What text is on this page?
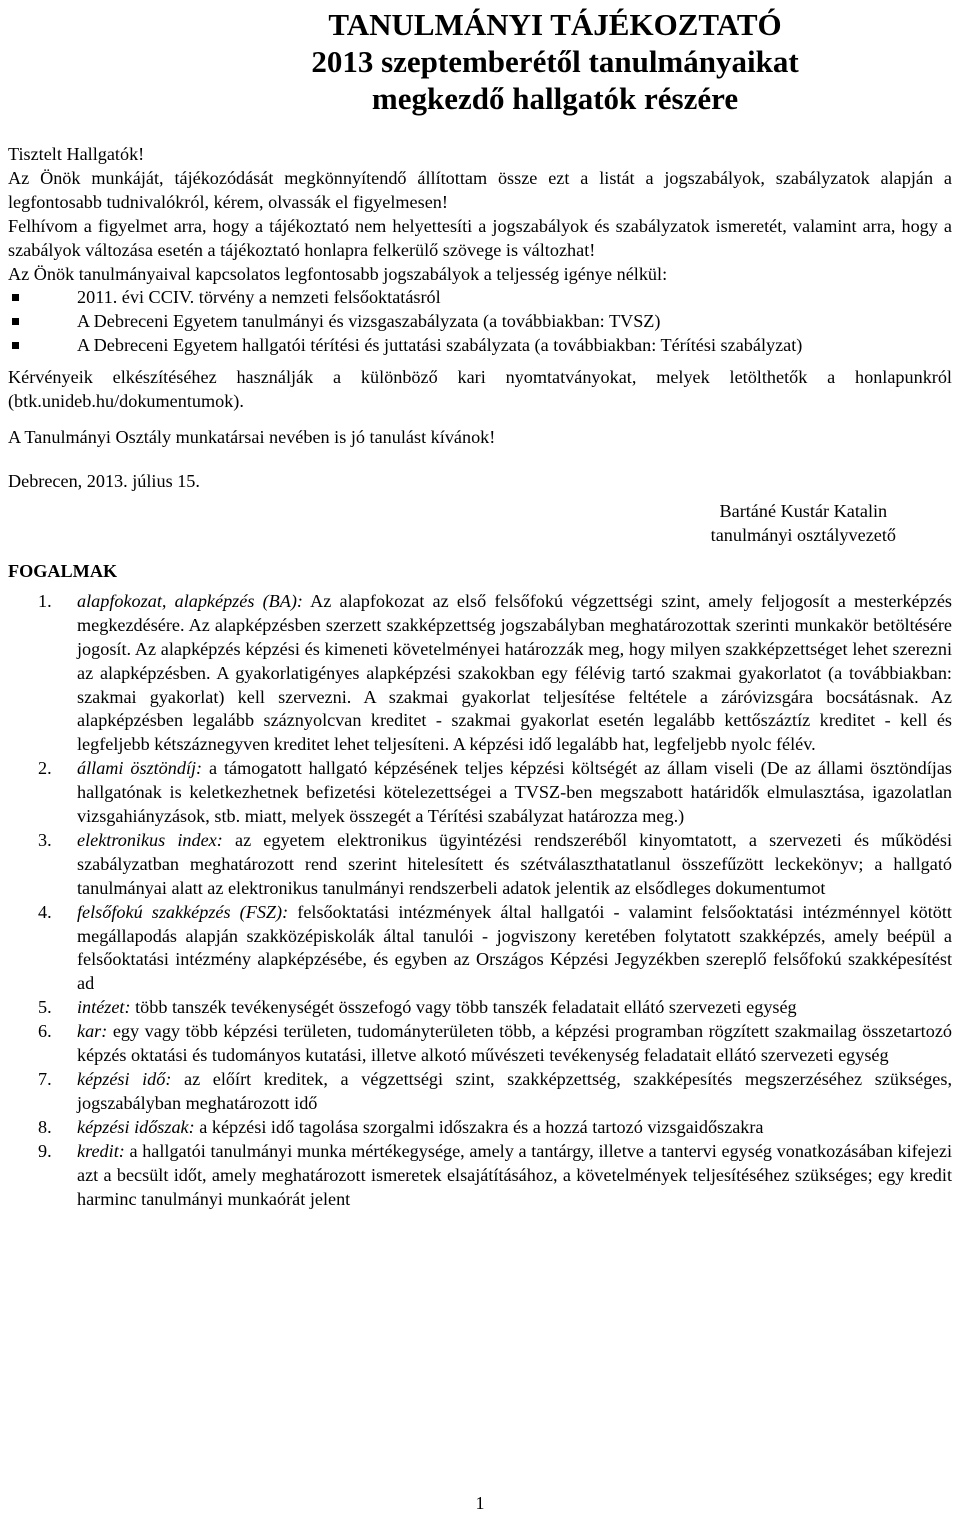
TANULMÁNYI TÁJÉKOZTATÓ
2013 szeptemberétől tanulmányaikat
megkezdő hallgatók részére

Tisztelt Hallgatók!

Az Önök munkáját, tájékozódását megkönnyítendő állítottam össze ezt a listát a jogszabályok, szabályzatok alapján a legfontosabb tudnivalókról, kérem, olvassák el figyelmesen!

Felhívom a figyelmet arra, hogy a tájékoztató nem helyettesíti a jogszabályok és szabályzatok ismeretét, valamint arra, hogy a szabályok változása esetén a tájékoztató honlapra felkerülő szövege is változhat!

Az Önök tanulmányaival kapcsolatos legfontosabb jogszabályok a teljesség igénye nélkül:

2011. évi CCIV. törvény a nemzeti felsőoktatásról
A Debreceni Egyetem tanulmányi és vizsgaszabályzata (a továbbiakban: TVSZ)
A Debreceni Egyetem hallgatói térítési és juttatási szabályzata (a továbbiakban: Térítési szabályzat)

Kérvényeik elkészítéséhez használják a különböző kari nyomtatványokat, melyek letölthetők a honlapunkról (btk.unideb.hu/dokumentumok).

A Tanulmányi Osztály munkatársai nevében is jó tanulást kívánok!

Debrecen, 2013. július 15.
Bartáné Kustár Katalin
tanulmányi osztályvezető
FOGALMAK
1. alapfokozat, alapképzés (BA): Az alapfokozat az első felsőfokú végzettségi szint, amely feljogosít a mesterképzés megkezdésére. Az alapképzésben szerzett szakképzettség jogszabályban meghatározottak szerinti munkakör betöltésére jogosít. Az alapképzés képzési és kimeneti követelményei határozzák meg, hogy milyen szakképzettséget lehet szerezni az alapképzésben. A gyakorlatigényes alapképzési szakokban egy félévig tartó szakmai gyakorlatot (a továbbiakban: szakmai gyakorlat) kell szervezni. A szakmai gyakorlat teljesítése feltétele a záróvizsgára bocsátásnak. Az alapképzésben legalább száznyolcvan kreditet - szakmai gyakorlat esetén legalább kettőszáztíz kreditet - kell és legfeljebb kétszáznegyven kreditet lehet teljesíteni. A képzési idő legalább hat, legfeljebb nyolc félév.
2. állami ösztöndíj: a támogatott hallgató képzésének teljes képzési költségét az állam viseli (De az állami ösztöndíjas hallgatónak is keletkezhetnek befizetési kötelezettségei a TVSZ-ben megszabott határidők elmulasztása, igazolatlan vizsgahiányzások, stb. miatt, melyek összegét a Térítési szabályzat határozza meg.)
3. elektronikus index: az egyetem elektronikus ügyintézési rendszeréből kinyomtatott, a szervezeti és működési szabályzatban meghatározott rend szerint hitelesített és szétválaszthatatlanul összefűzött leckekönyv; a hallgató tanulmányai alatt az elektronikus tanulmányi rendszerbeli adatok jelentik az elsődleges dokumentumot
4. felsőfokú szakképzés (FSZ): felsőoktatási intézmények által hallgatói - valamint felsőoktatási intézménnyel kötött megállapodás alapján szakközépiskolák által tanulói - jogviszony keretében folytatott szakképzés, amely beépül a felsőoktatási intézmény alapképzésébe, és egyben az Országos Képzési Jegyzékben szereplő felsőfokú szakképesítést ad
5. intézet: több tanszék tevékenységét összefogó vagy több tanszék feladatait ellátó szervezeti egység
6. kar: egy vagy több képzési területen, tudományterületen több, a képzési programban rögzített szakmailag összetartozó képzés oktatási és tudományos kutatási, illetve alkotó művészeti tevékenység feladatait ellátó szervezeti egység
7. képzési idő: az előírt kreditek, a végzettségi szint, szakképzettség, szakképesítés megszerzéséhez szükséges, jogszabályban meghatározott idő
8. képzési időszak: a képzési idő tagolása szorgalmi időszakra és a hozzá tartozó vizsgaidőszakra
9. kredit: a hallgatói tanulmányi munka mértékegysége, amely a tantárgy, illetve a tantervi egység vonatkozásában kifejezi azt a becsült időt, amely meghatározott ismeretek elsajátításához, a követelmények teljesítéséhez szükséges; egy kredit harminc tanulmányi munkaórát jelent
1
